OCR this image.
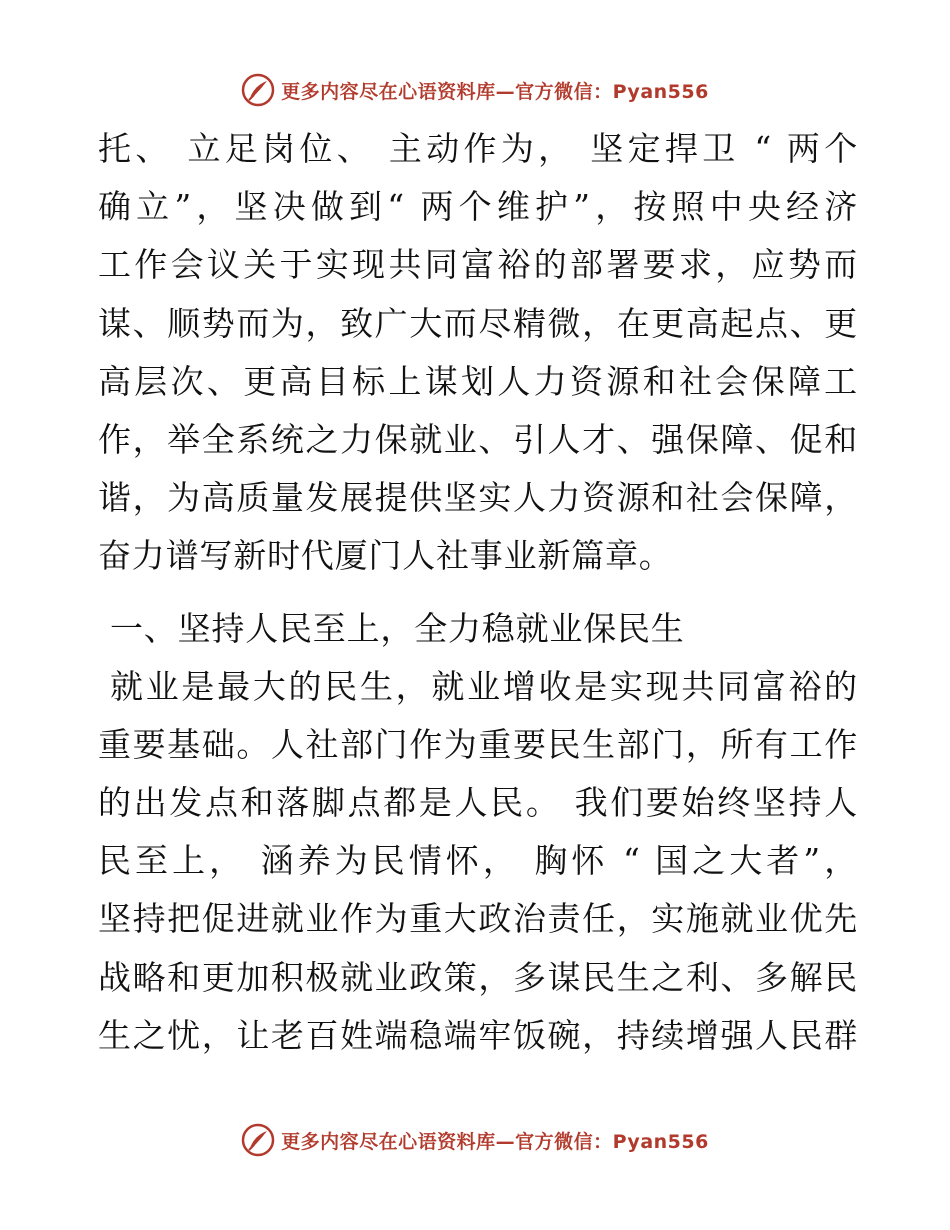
更多内容尽在心语资料库—官方微信：Pyan556
托、 立足岗位、 主动作为， 坚定捍卫 “ 两个
确立”，坚决做到“ 两个维护”，按照中央经济
工作会议关于实现共同富裕的部署要求，应势而
谋、顺势而为，致广大而尽精微，在更高起点、更
高层次、更高目标上谋划人力资源和社会保障工
作，举全系统之力保就业、引人才、强保障、促和
谐，为高质量发展提供坚实人力资源和社会保障，
奋力谱写新时代厦门人社事业新篇章。
一、坚持人民至上，全力稳就业保民生
就业是最大的民生，就业增收是实现共同富裕的
重要基础。人社部门作为重要民生部门，所有工作
的出发点和落脚点都是人民。 我们要始终坚持人
民至上， 涵养为民情怀， 胸怀 “ 国之大者”，
坚持把促进就业作为重大政治责任，实施就业优先
战略和更加积极就业政策，多谋民生之利、多解民
生之忧，让老百姓端稳端牢饭碗，持续增强人民群
更多内容尽在心语资料库—官方微信：Pyan556
